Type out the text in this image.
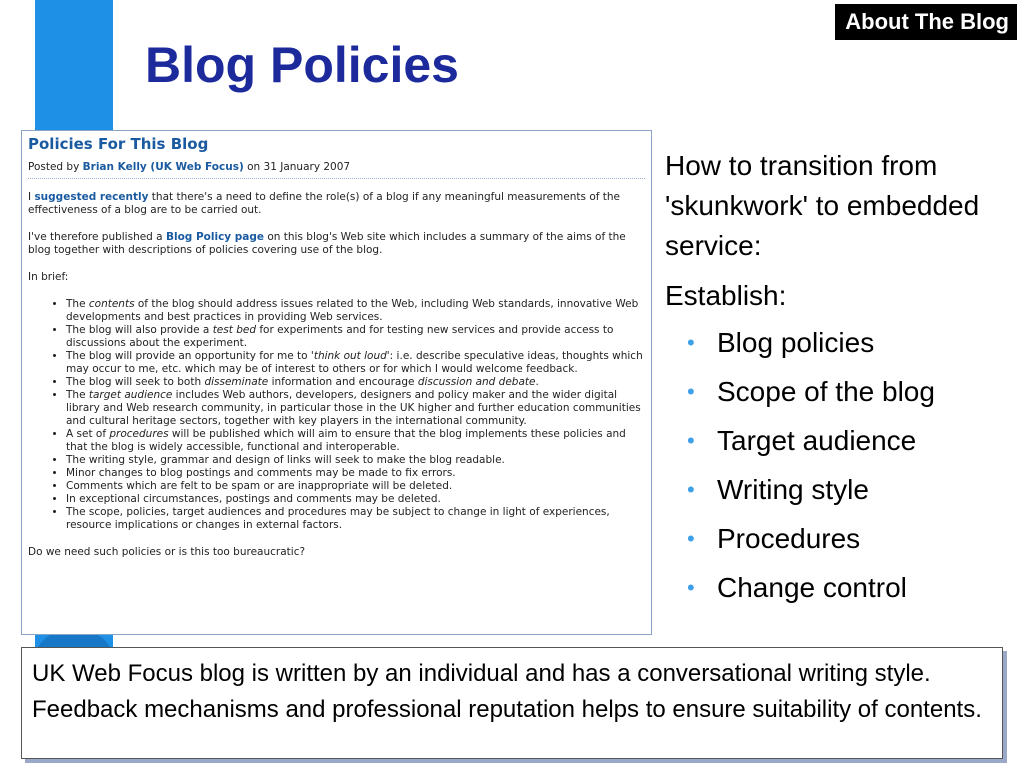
About The Blog
Blog Policies
Policies For This Blog
Posted by Brian Kelly (UK Web Focus) on 31 January 2007

I suggested recently that there's a need to define the role(s) of a blog if any meaningful measurements of the effectiveness of a blog are to be carried out.

I've therefore published a Blog Policy page on this blog's Web site which includes a summary of the aims of the blog together with descriptions of policies covering use of the blog.

In brief:

• The contents of the blog should address issues related to the Web, including Web standards, innovative Web developments and best practices in providing Web services.
• The blog will also provide a test bed for experiments and for testing new services and provide access to discussions about the experiment.
• The blog will provide an opportunity for me to 'think out loud': i.e. describe speculative ideas, thoughts which may occur to me, etc. which may be of interest to others or for which I would welcome feedback.
• The blog will seek to both disseminate information and encourage discussion and debate.
• The target audience includes Web authors, developers, designers and policy maker and the wider digital library and Web research community, in particular those in the UK higher and further education communities and cultural heritage sectors, together with key players in the international community.
• A set of procedures will be published which will aim to ensure that the blog implements these policies and that the blog is widely accessible, functional and interoperable.
• The writing style, grammar and design of links will seek to make the blog readable.
• Minor changes to blog postings and comments may be made to fix errors.
• Comments which are felt to be spam or are inappropriate will be deleted.
• In exceptional circumstances, postings and comments may be deleted.
• The scope, policies, target audiences and procedures may be subject to change in light of experiences, resource implications or changes in external factors.

Do we need such policies or is this too bureaucratic?

How to transition from 'skunkwork' to embedded service:
Establish:
• Blog policies
• Scope of the blog
• Target audience
• Writing style
• Procedures
• Change control
UK Web Focus blog is written by an individual and has a conversational writing style. Feedback mechanisms and professional reputation helps to ensure suitability of contents.
